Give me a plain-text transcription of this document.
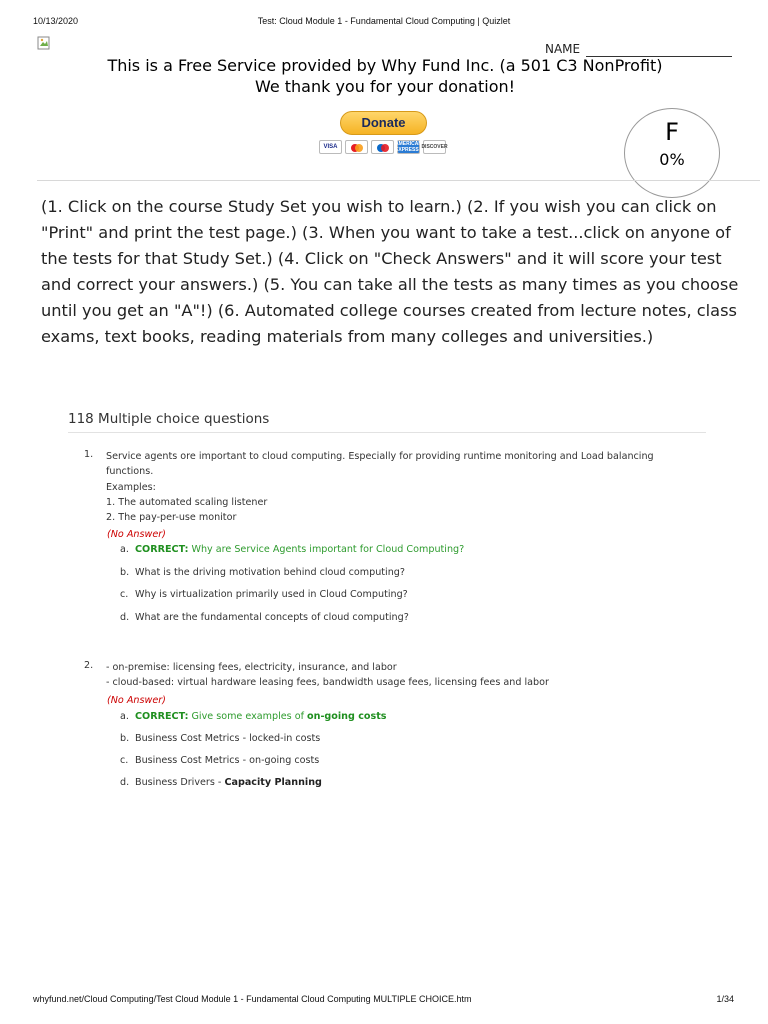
10/13/2020	Test: Cloud Module 1 - Fundamental Cloud Computing | Quizlet
NAME
This is a Free Service provided by Why Fund Inc. (a 501 C3 NonProfit)
We thank you for your donation!
Donate
VISA	AMERICAN EXPRESS DISCOVER
F
0%
(1. Click on the course Study Set you wish to learn.) (2. If you wish you can click on "Print" and print the test page.) (3. When you want to take a test...click on anyone of the tests for that Study Set.) (4. Click on "Check Answers" and it will score your test and correct your answers.) (5. You can take all the tests as many times as you choose until you get an "A"!) (6. Automated college courses created from lecture notes, class exams, text books, reading materials from many colleges and universities.)
118 Multiple choice questions
1. Service agents ore important to cloud computing. Especially for providing runtime monitoring and Load balancing functions.
Examples:
1. The automated scaling listener
2. The pay-per-use monitor
(No Answer)
a. CORRECT: Why are Service Agents important for Cloud Computing?
b. What is the driving motivation behind cloud computing?
c. Why is virtualization primarily used in Cloud Computing?
d. What are the fundamental concepts of cloud computing?
2. - on-premise: licensing fees, electricity, insurance, and labor
- cloud-based: virtual hardware leasing fees, bandwidth usage fees, licensing fees and labor
(No Answer)
a. CORRECT: Give some examples of on-going costs
b. Business Cost Metrics - locked-in costs
c. Business Cost Metrics - on-going costs
d. Business Drivers - Capacity Planning
whyfund.net/Cloud Computing/Test Cloud Module 1 - Fundamental Cloud Computing MULTIPLE CHOICE.htm	1/34
